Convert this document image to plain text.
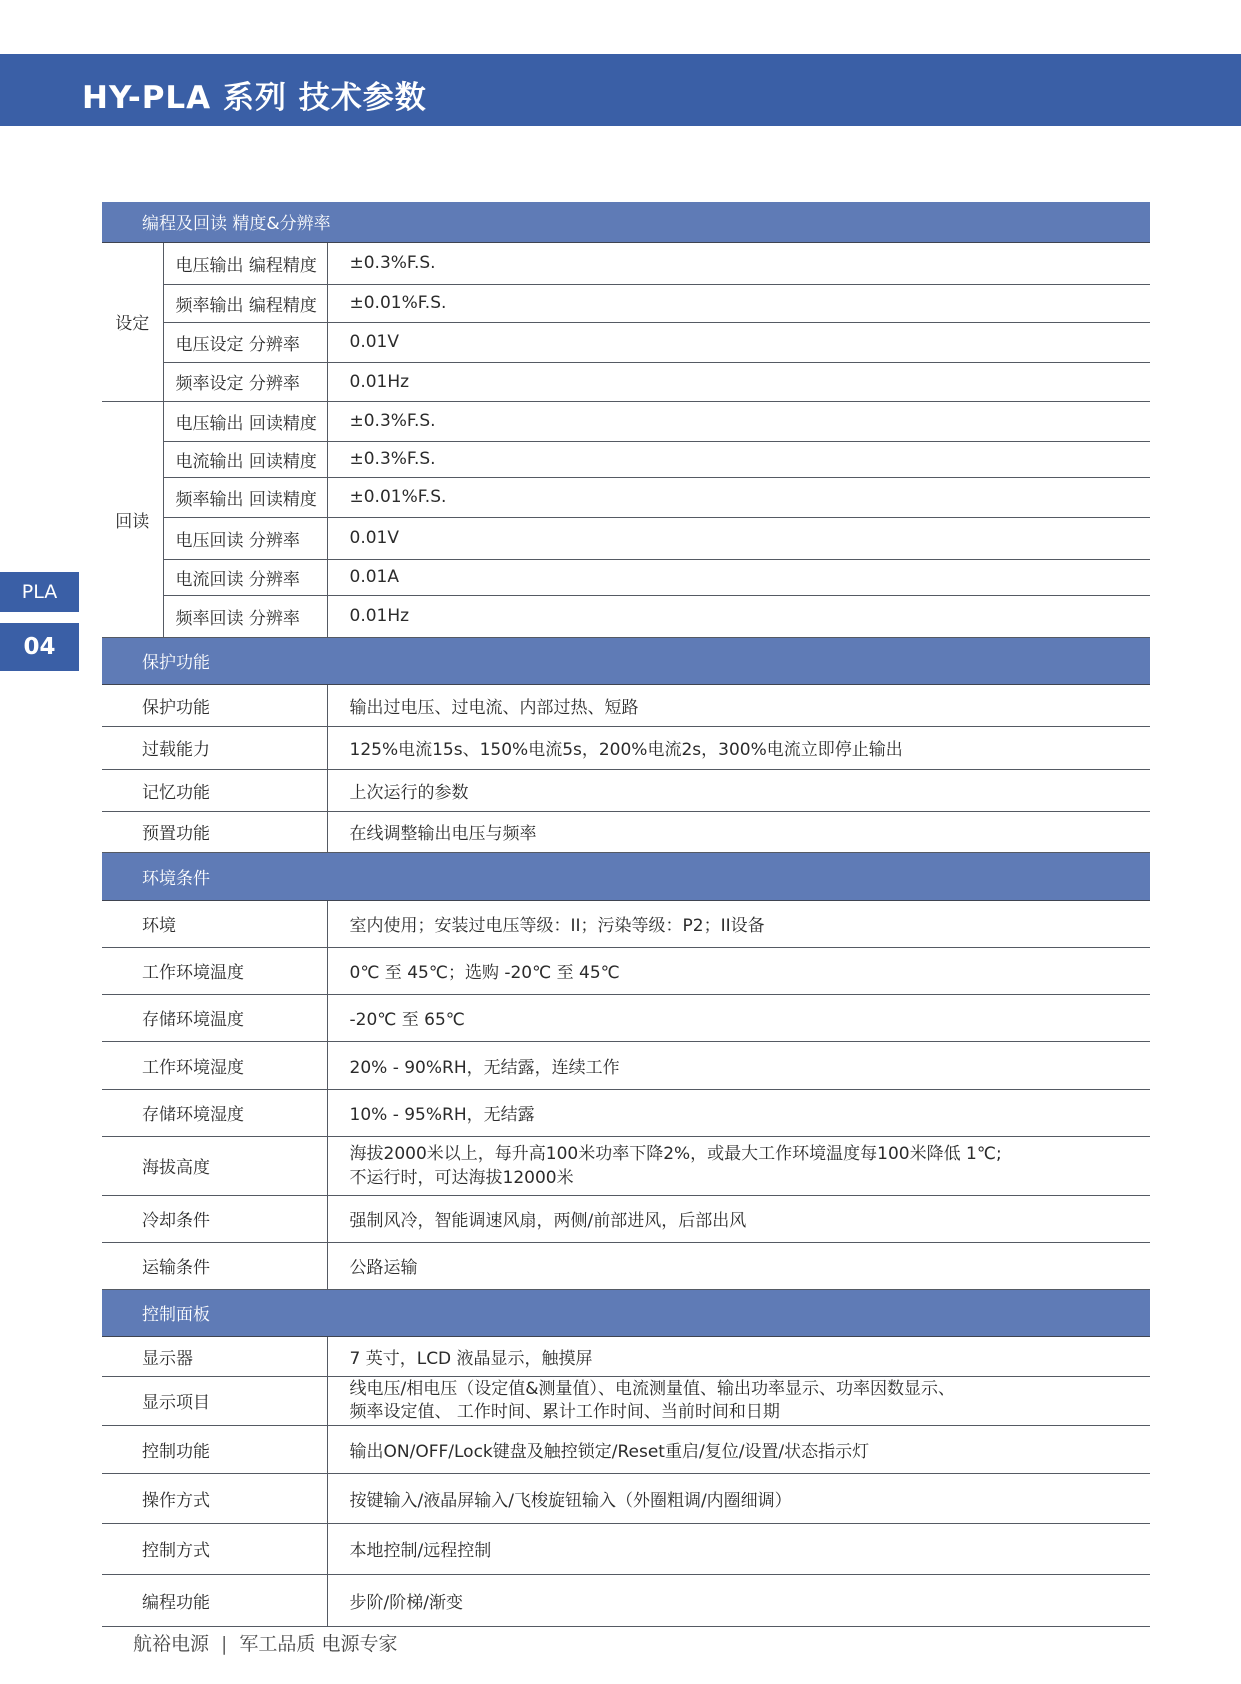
HY-PLA 系列 技术参数
PLA
04
编程及回读 精度&分辨率		
设定	电压输出 编程精度	±0.3%F.S.
	频率输出 编程精度	±0.01%F.S.
	电压设定 分辨率	0.01V
	频率设定 分辨率	0.01Hz
回读	电压输出 回读精度	±0.3%F.S.
	电流输出 回读精度	±0.3%F.S.
	频率输出 回读精度	±0.01%F.S.
	电压回读 分辨率	0.01V
	电流回读 分辨率	0.01A
	频率回读 分辨率	0.01Hz
保护功能		
保护功能		输出过电压、过电流、内部过热、短路
过载能力		125%电流15s、150%电流5s，200%电流2s，300%电流立即停止输出
记忆功能		上次运行的参数
预置功能		在线调整输出电压与频率
环境条件		
环境		室内使用；安装过电压等级：II；污染等级：P2；II设备
工作环境温度		0℃ 至 45℃；选购 -20℃ 至 45℃
存储环境温度		-20℃ 至 65℃
工作环境湿度		20% - 90%RH，无结露，连续工作
存储环境湿度		10% - 95%RH，无结露
海拔高度		海拔2000米以上，每升高100米功率下降2%，或最大工作环境温度每100米降低 1℃;
不运行时，可达海拔12000米

冷却条件		强制风冷，智能调速风扇，两侧/前部进风，后部出风
运输条件		公路运输
控制面板		
显示器		7 英寸，LCD 液晶显示，触摸屏
显示项目		线电压/相电压（设定值&测量值）、电流测量值、输出功率显示、功率因数显示、
频率设定值、 工作时间、累计工作时间、当前时间和日期

控制功能		输出ON/OFF/Lock键盘及触控锁定/Reset重启/复位/设置/状态指示灯
操作方式		按键输入/液晶屏输入/飞梭旋钮输入（外圈粗调/内圈细调）
控制方式		本地控制/远程控制
编程功能		步阶/阶梯/渐变
航裕电源 | 军工品质 电源专家
